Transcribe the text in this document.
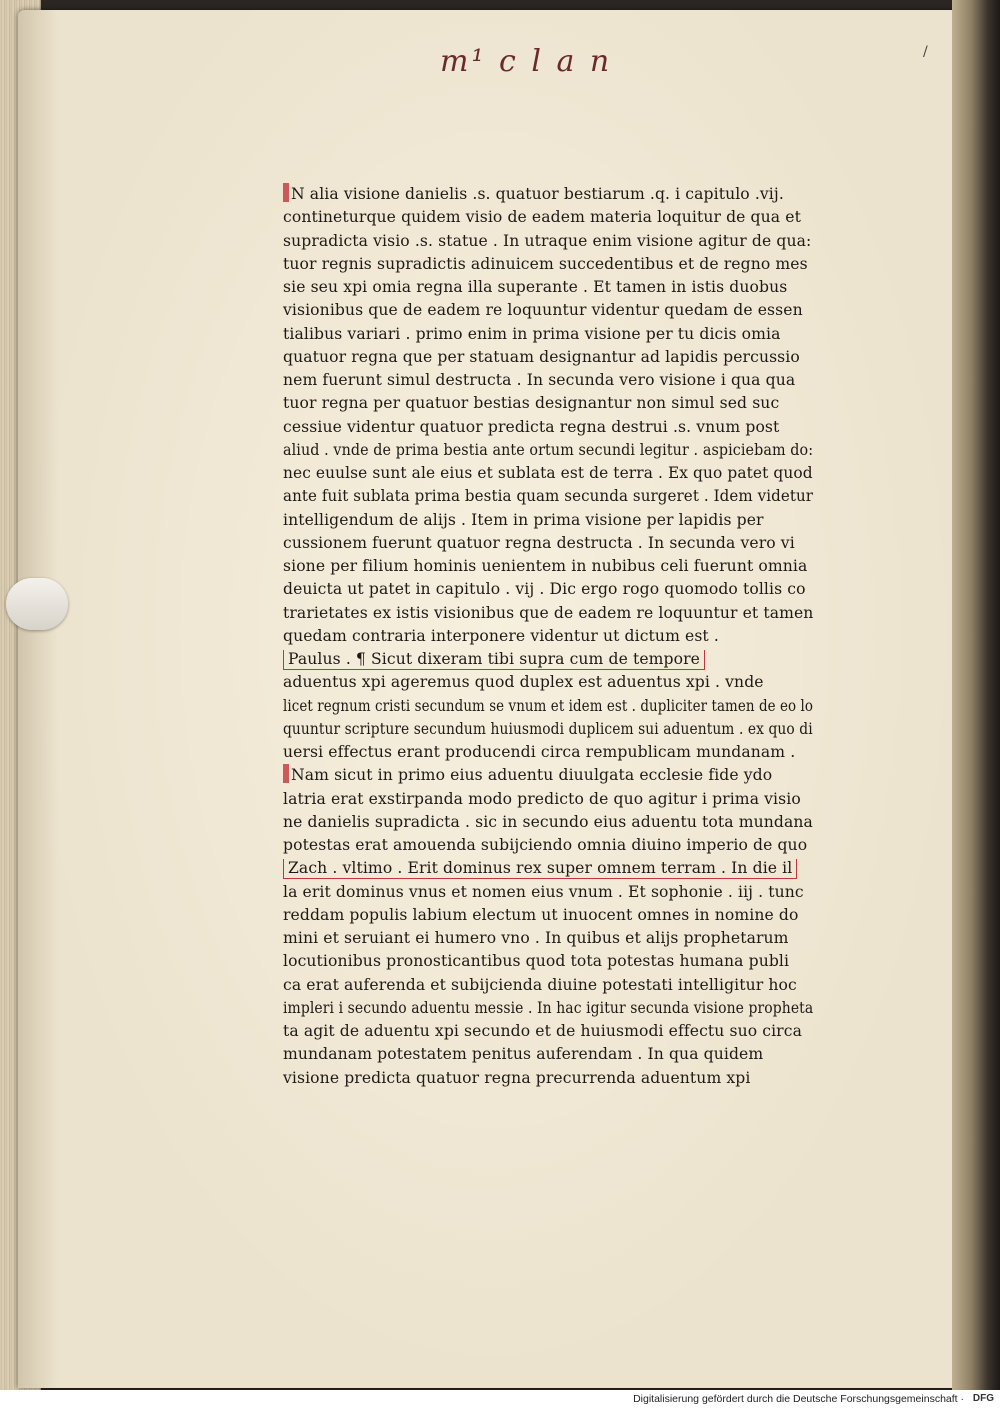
/
m¹ c l a n
N alia visione danielis .s. quatuor bestiarum .q. i capitulo .vij.
contineturque quidem visio de eadem materia loquitur de qua et
supradicta visio .s. statue . In utraque enim visione agitur de qua:
tuor regnis supradictis adinuicem succedentibus et de regno mes
sie seu xpi omia regna illa superante . Et tamen in istis duobus
visionibus que de eadem re loquuntur videntur quedam de essen
tialibus variari . primo enim in prima visione per tu dicis omia
quatuor regna que per statuam designantur ad lapidis percussio
nem fuerunt simul destructa . In secunda vero visione i qua qua
tuor regna per quatuor bestias designantur non simul sed suc
cessiue videntur quatuor predicta regna destrui .s. vnum post
aliud . vnde de prima bestia ante ortum secundi legitur . aspiciebam do:
nec euulse sunt ale eius et sublata est de terra . Ex quo patet quod
ante fuit sublata prima bestia quam secunda surgeret . Idem videtur
intelligendum de alijs . Item in prima visione per lapidis per
cussionem fuerunt quatuor regna destructa . In secunda vero vi
sione per filium hominis uenientem in nubibus celi fuerunt omnia
deuicta ut patet in capitulo . vij . Dic ergo rogo quomodo tollis co
trarietates ex istis visionibus que de eadem re loquuntur et tamen
quedam contraria interponere videntur ut dictum est .
Paulus . ¶ Sicut dixeram tibi supra cum de tempore
aduentus xpi ageremus quod duplex est aduentus xpi . vnde
licet regnum cristi secundum se vnum et idem est . dupliciter tamen de eo lo
quuntur scripture secundum huiusmodi duplicem sui aduentum . ex quo di
uersi effectus erant producendi circa rempublicam mundanam .
Nam sicut in primo eius aduentu diuulgata ecclesie fide ydo
latria erat exstirpanda modo predicto de quo agitur i prima visio
ne danielis supradicta . sic in secundo eius aduentu tota mundana
potestas erat amouenda subijciendo omnia diuino imperio de quo
Zach . vltimo . Erit dominus rex super omnem terram . In die il
la erit dominus vnus et nomen eius vnum . Et sophonie . iij . tunc
reddam populis labium electum ut inuocent omnes in nomine do
mini et seruiant ei humero vno . In quibus et alijs prophetarum
locutionibus pronosticantibus quod tota potestas humana publi
ca erat auferenda et subijcienda diuine potestati intelligitur hoc
impleri i secundo aduentu messie . In hac igitur secunda visione propheta
ta agit de aduentu xpi secundo et de huiusmodi effectu suo circa
mundanam potestatem penitus auferendam . In qua quidem
visione predicta quatuor regna precurrenda aduentum xpi
Digitalisierung gefördert durch die Deutsche Forschungsgemeinschaft · DFG
